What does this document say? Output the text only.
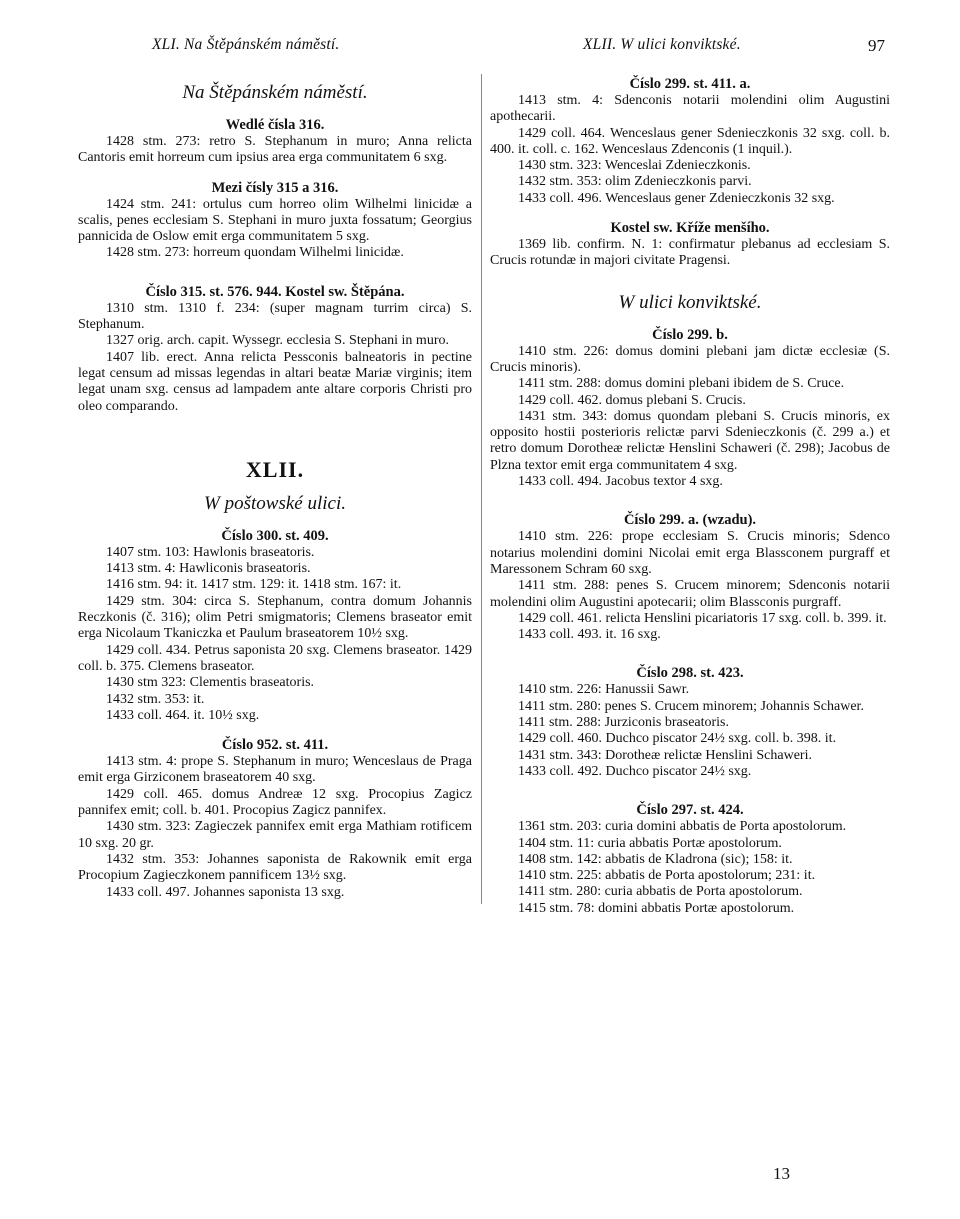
XLI. Na Štěpánském náměstí.	XLII. W ulici konviktské.	97
Na Štěpánském náměstí.
Wedlé čísla 316.
1428 stm. 273: retro S. Stephanum in muro; Anna relicta Cantoris emit horreum cum ipsius area erga communitatem 6 sxg.
Mezi čísly 315 a 316.
1424 stm. 241: ortulus cum horreo olim Wilhelmi linicidæ a scalis, penes ecclesiam S. Stephani in muro juxta fossatum; Georgius pannicida de Oslow emit erga communitatem 5 sxg.
1428 stm. 273: horreum quondam Wilhelmi linicidæ.
Číslo 315. st. 576. 944. Kostel sw. Štěpána.
1310 stm. 1310 f. 234: (super magnam turrim circa) S. Stephanum.
1327 orig. arch. capit. Wyssegr. ecclesia S. Stephani in muro.
1407 lib. erect. Anna relicta Pessconis balneatoris in pectine legat censum ad missas legendas in altari beatæ Mariæ virginis; item legat unam sxg. census ad lampadem ante altare corporis Christi pro oleo comparando.
XLII.
W poštowské ulici.
Číslo 300. st. 409.
1407 stm. 103: Hawlonis braseatoris.
1413 stm. 4: Hawliconis braseatoris.
1416 stm. 94: it. 1417 stm. 129: it. 1418 stm. 167: it.
1429 stm. 304: circa S. Stephanum, contra domum Johannis Reczkonis (č. 316); olim Petri smigmatoris; Clemens braseator emit erga Nicolaum Tkaniczka et Paulum braseatorem 10½ sxg.
1429 coll. 434. Petrus saponista 20 sxg. Clemens braseator. 1429 coll. b. 375. Clemens braseator.
1430 stm 323: Clementis braseatoris.
1432 stm. 353: it.
1433 coll. 464. it. 10½ sxg.
Číslo 952. st. 411.
1413 stm. 4: prope S. Stephanum in muro; Wenceslaus de Praga emit erga Girziconem braseatorem 40 sxg.
1429 coll. 465. domus Andreæ 12 sxg. Procopius Zagicz pannifex emit; coll. b. 401. Procopius Zagicz pannifex.
1430 stm. 323: Zagieczek pannifex emit erga Mathiam rotificem 10 sxg. 20 gr.
1432 stm. 353: Johannes saponista de Rakownik emit erga Procopium Zagieczkonem pannificem 13½ sxg.
1433 coll. 497. Johannes saponista 13 sxg.
Číslo 299. st. 411. a.
1413 stm. 4: Sdenconis notarii molendini olim Augustini apothecarii.
1429 coll. 464. Wenceslaus gener Sdenieczkonis 32 sxg. coll. b. 400. it. coll. c. 162. Wenceslaus Zdenconis (1 inquil.).
1430 stm. 323: Wenceslai Zdenieczkonis.
1432 stm. 353: olim Zdenieczkonis parvi.
1433 coll. 496. Wenceslaus gener Zdenieczkonis 32 sxg.
Kostel sw. Kříže menšího.
1369 lib. confirm. N. 1: confirmatur plebanus ad ecclesiam S. Crucis rotundæ in majori civitate Pragensi.
W ulici konviktské.
Číslo 299. b.
1410 stm. 226: domus domini plebani jam dictæ ecclesiæ (S. Crucis minoris).
1411 stm. 288: domus domini plebani ibidem de S. Cruce.
1429 coll. 462. domus plebani S. Crucis.
1431 stm. 343: domus quondam plebani S. Crucis minoris, ex opposito hostii posterioris relictæ parvi Sdenieczkonis (č. 299 a.) et retro domum Dorotheæ relictæ Henslini Schaweri (č. 298); Jacobus de Plzna textor emit erga communitatem 4 sxg.
1433 coll. 494. Jacobus textor 4 sxg.
Číslo 299. a. (wzadu).
1410 stm. 226: prope ecclesiam S. Crucis minoris; Sdenco notarius molendini domini Nicolai emit erga Blassconem purgraff et Maressonem Schram 60 sxg.
1411 stm. 288: penes S. Crucem minorem; Sdenconis notarii molendini olim Augustini apotecarii; olim Blassconis purgraff.
1429 coll. 461. relicta Henslini picariatoris 17 sxg. coll. b. 399. it.
1433 coll. 493. it. 16 sxg.
Číslo 298. st. 423.
1410 stm. 226: Hanussii Sawr.
1411 stm. 280: penes S. Crucem minorem; Johannis Schawer.
1411 stm. 288: Jurziconis braseatoris.
1429 coll. 460. Duchco piscator 24½ sxg. coll. b. 398. it.
1431 stm. 343: Dorotheæ relictæ Henslini Schaweri.
1433 coll. 492. Duchco piscator 24½ sxg.
Číslo 297. st. 424.
1361 stm. 203: curia domini abbatis de Porta apostolorum.
1404 stm. 11: curia abbatis Portæ apostolorum.
1408 stm. 142: abbatis de Kladrona (sic); 158: it.
1410 stm. 225: abbatis de Porta apostolorum; 231: it.
1411 stm. 280: curia abbatis de Porta apostolorum.
1415 stm. 78: domini abbatis Portæ apostolorum.
13
